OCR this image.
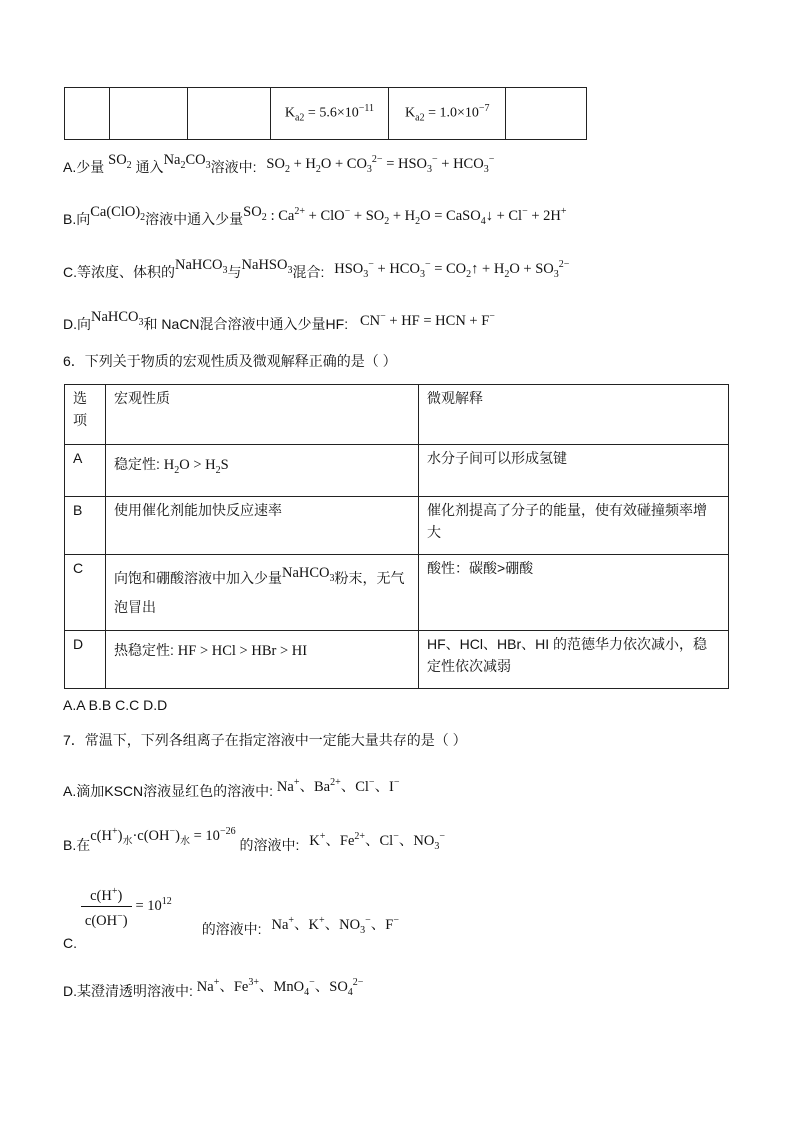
			$K_{a2} = 5.6\times 10^{-11}$	$K_{a2} = 1.0\times 10^{-7}$	
A.少量 $SO_2$ 通入$Na_2CO_3$溶液中: $SO_2 + H_2O + CO_3^{2-} = HSO_3^- + HCO_3^-$
B.向$Ca(ClO)_2$溶液中通入少量$SO_2$ : $Ca^{2+} + ClO^- + SO_2 + H_2O$ = CaSO$_4$↓ + Cl− + 2H+
C.等浓度、体积的NaHCO$_3$与NaHSO$_3$混合: $HSO_3^- + HCO_3^-$ = $CO_2↑ + H_2O + SO_3^{2-}$
D.向NaHCO$_3$和 NaCN混合溶液中通入少量HF: CN− + HF = HCN + F−
6．下列关于物质的宏观性质及微观解释正确的是（ ）
选
项	宏观性质	微观解释
A	稳定性: $H_2O > H_2S$	水分子间可以形成氢键
B	使用催化剂能加快反应速率	催化剂提高了分子的能量，使有效碰撞频率增大
C	向饱和硼酸溶液中加入少量NaHCO$_3$粉末，无气泡冒出	酸性：碳酸>硼酸
D	热稳定性: HF > HCl > HBr > HI	HF、HCl、HBr、HI 的范德华力依次减小，稳定性依次减弱
A.A B.B C.C D.D
7．常温下，下列各组离子在指定溶液中一定能大量共存的是（ ）
A.滴加KSCN溶液显红色的溶液中: Na+、$Ba^{2+}$、Cl−、I−
B.在$c(H^+)_水\cdot c(OH^-)_水 = 10^{-26}$ 的溶液中: K+、$Fe^{2+}$、Cl−、$NO_3^-$
C.
$\frac{c(H^+)}{c(OH^-)} = 10^{12}$ 的溶液中: Na+、K+、$NO_3^-$、F−
D.某澄清透明溶液中: Na+、$Fe^{3+}$、MnO$_4$−、$SO_4^{2-}$
